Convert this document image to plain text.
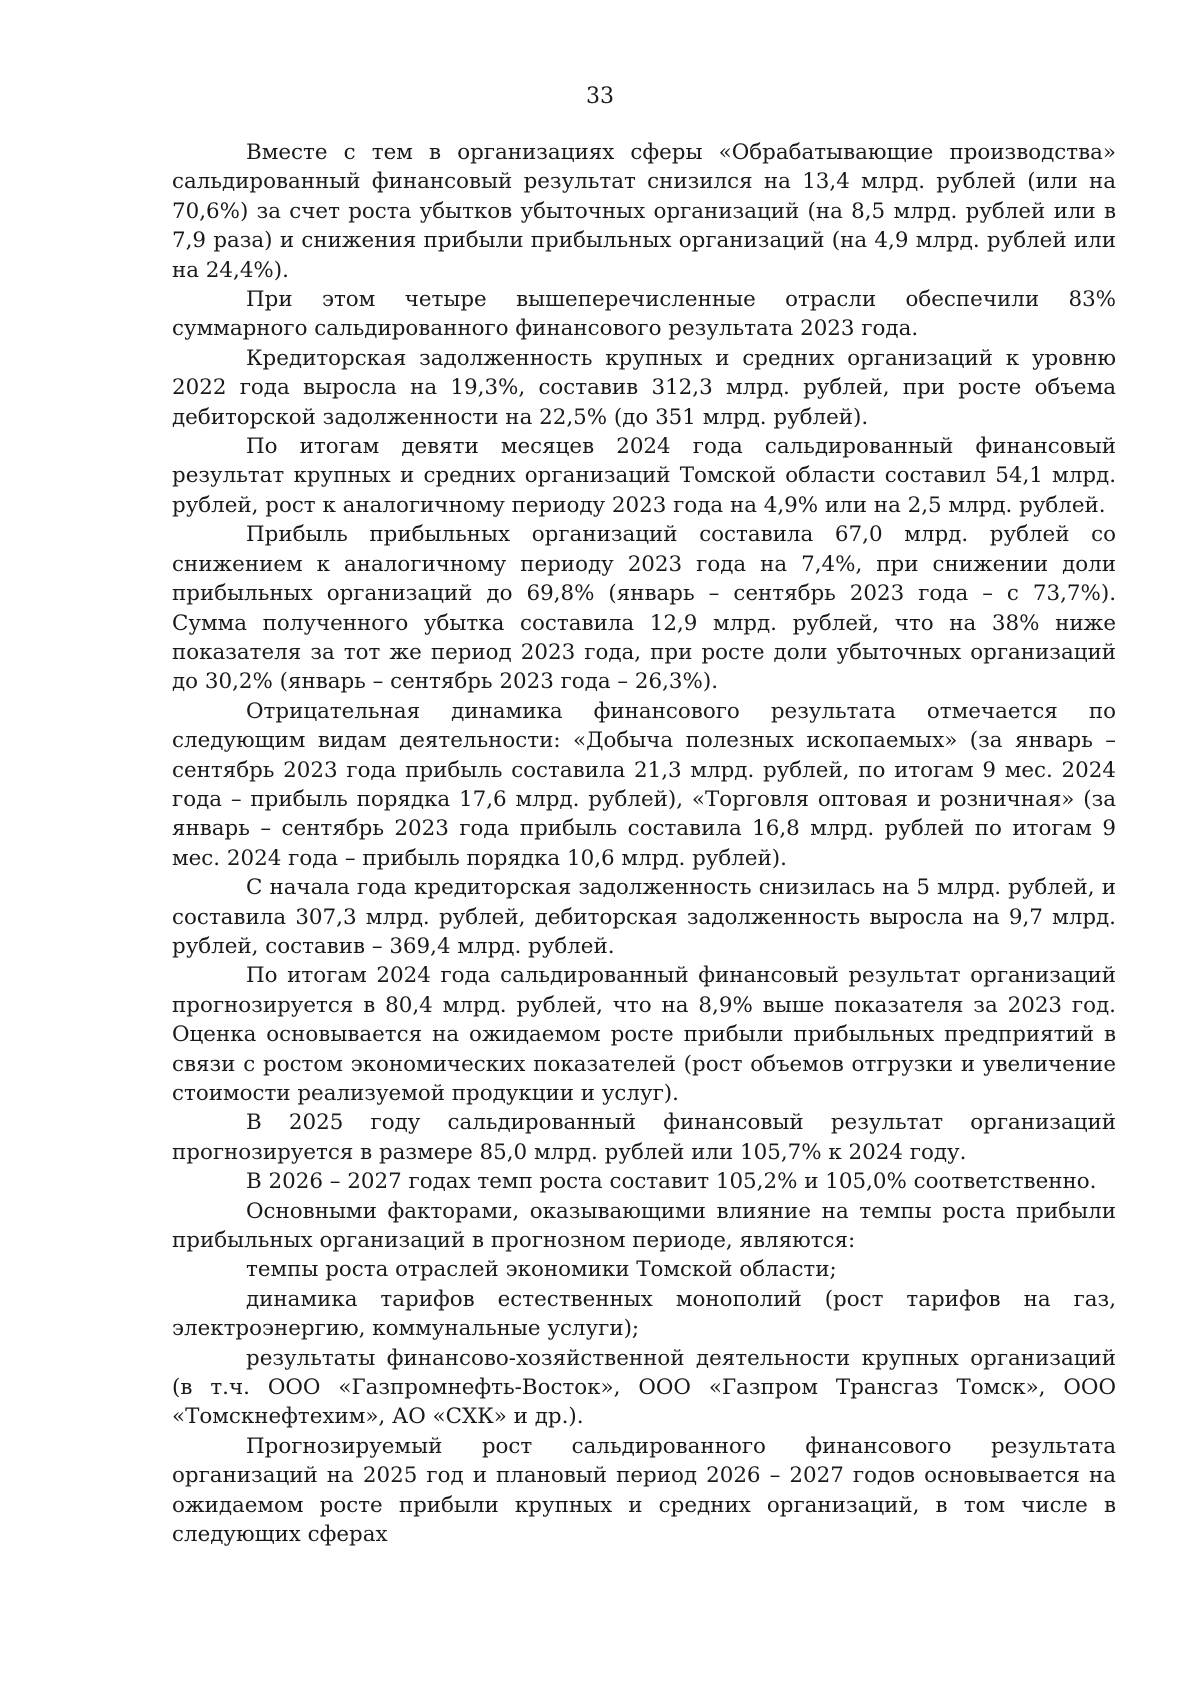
33

Вместе с тем в организациях сферы «Обрабатывающие производства» сальдированный финансовый результат снизился на 13,4 млрд. рублей (или на 70,6%) за счет роста убытков убыточных организаций (на 8,5 млрд. рублей или в 7,9 раза) и снижения прибыли прибыльных организаций (на 4,9 млрд. рублей или на 24,4%).

При этом четыре вышеперечисленные отрасли обеспечили 83% суммарного сальдированного финансового результата 2023 года.

Кредиторская задолженность крупных и средних организаций к уровню 2022 года выросла на 19,3%, составив 312,3 млрд. рублей, при росте объема дебиторской задолженности на 22,5% (до 351 млрд. рублей).

По итогам девяти месяцев 2024 года сальдированный финансовый результат крупных и средних организаций Томской области составил 54,1 млрд. рублей, рост к аналогичному периоду 2023 года на 4,9% или на 2,5 млрд. рублей.

Прибыль прибыльных организаций составила 67,0 млрд. рублей со снижением к аналогичному периоду 2023 года на 7,4%, при снижении доли прибыльных организаций до 69,8% (январь – сентябрь 2023 года – с 73,7%). Сумма полученного убытка составила 12,9 млрд. рублей, что на 38% ниже показателя за тот же период 2023 года, при росте доли убыточных организаций до 30,2% (январь – сентябрь 2023 года – 26,3%).

Отрицательная динамика финансового результата отмечается по следующим видам деятельности: «Добыча полезных ископаемых» (за январь – сентябрь 2023 года прибыль составила 21,3 млрд. рублей, по итогам 9 мес. 2024 года – прибыль порядка 17,6 млрд. рублей), «Торговля оптовая и розничная» (за январь – сентябрь 2023 года прибыль составила 16,8 млрд. рублей по итогам 9 мес. 2024 года – прибыль порядка 10,6 млрд. рублей).

С начала года кредиторская задолженность снизилась на 5 млрд. рублей, и составила 307,3 млрд. рублей, дебиторская задолженность выросла на 9,7 млрд. рублей, составив – 369,4 млрд. рублей.

По итогам 2024 года сальдированный финансовый результат организаций прогнозируется в 80,4 млрд. рублей, что на 8,9% выше показателя за 2023 год. Оценка основывается на ожидаемом росте прибыли прибыльных предприятий в связи с ростом экономических показателей (рост объемов отгрузки и увеличение стоимости реализуемой продукции и услуг).

В 2025 году сальдированный финансовый результат организаций прогнозируется в размере 85,0 млрд. рублей или 105,7% к 2024 году.

В 2026 – 2027 годах темп роста составит 105,2% и 105,0% соответственно.

Основными факторами, оказывающими влияние на темпы роста прибыли прибыльных организаций в прогнозном периоде, являются:

темпы роста отраслей экономики Томской области;

динамика тарифов естественных монополий (рост тарифов на газ, электроэнергию, коммунальные услуги);

результаты финансово-хозяйственной деятельности крупных организаций (в т.ч. ООО «Газпромнефть-Восток», ООО «Газпром Трансгаз Томск», ООО «Томскнефтехим», АО «СХК» и др.).

Прогнозируемый рост сальдированного финансового результата организаций на 2025 год и плановый период 2026 – 2027 годов основывается на ожидаемом росте прибыли крупных и средних организаций, в том числе в следующих сферах
